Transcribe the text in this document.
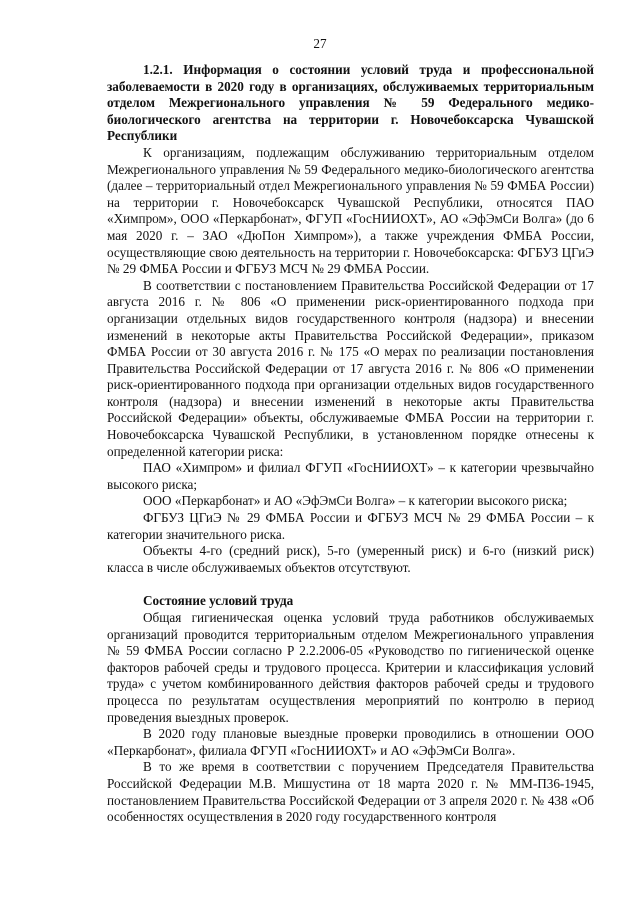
27

1.2.1. Информация о состоянии условий труда и профессиональной заболеваемости в 2020 году в организациях, обслуживаемых территориальным отделом Межрегионального управления № 59 Федерального медико-биологического агентства на территории г. Новочебоксарска Чувашской Республики

К организациям, подлежащим обслуживанию территориальным отделом Межрегионального управления № 59 Федерального медико-биологического агентства (далее – территориальный отдел Межрегионального управления № 59 ФМБА России) на территории г. Новочебоксарск Чувашской Республики, относятся ПАО «Химпром», ООО «Перкарбонат», ФГУП «ГосНИИОХТ», АО «ЭфЭмСи Волга» (до 6 мая 2020 г. – ЗАО «ДюПон Химпром»), а также учреждения ФМБА России, осуществляющие свою деятельность на территории г. Новочебоксарска: ФГБУЗ ЦГиЭ № 29 ФМБА России и ФГБУЗ МСЧ № 29 ФМБА России.

В соответствии с постановлением Правительства Российской Федерации от 17 августа 2016 г. № 806 «О применении риск-ориентированного подхода при организации отдельных видов государственного контроля (надзора) и внесении изменений в некоторые акты Правительства Российской Федерации», приказом ФМБА России от 30 августа 2016 г. № 175 «О мерах по реализации постановления Правительства Российской Федерации от 17 августа 2016 г. № 806 «О применении риск-ориентированного подхода при организации отдельных видов государственного контроля (надзора) и внесении изменений в некоторые акты Правительства Российской Федерации» объекты, обслуживаемые ФМБА России на территории г. Новочебоксарска Чувашской Республики, в установленном порядке отнесены к определенной категории риска:

ПАО «Химпром» и филиал ФГУП «ГосНИИОХТ» – к категории чрезвычайно высокого риска;

ООО «Перкарбонат» и АО «ЭфЭмСи Волга» – к категории высокого риска;

ФГБУЗ ЦГиЭ № 29 ФМБА России и ФГБУЗ МСЧ № 29 ФМБА России – к категории значительного риска.

Объекты 4-го (средний риск), 5-го (умеренный риск) и 6-го (низкий риск) класса в числе обслуживаемых объектов отсутствуют.

Состояние условий труда

Общая гигиеническая оценка условий труда работников обслуживаемых организаций проводится территориальным отделом Межрегионального управления № 59 ФМБА России согласно Р 2.2.2006-05 «Руководство по гигиенической оценке факторов рабочей среды и трудового процесса. Критерии и классификация условий труда» с учетом комбинированного действия факторов рабочей среды и трудового процесса по результатам осуществления мероприятий по контролю в период проведения выездных проверок.

В 2020 году плановые выездные проверки проводились в отношении ООО «Перкарбонат», филиала ФГУП «ГосНИИОХТ» и АО «ЭфЭмСи Волга».

В то же время в соответствии с поручением Председателя Правительства Российской Федерации М.В. Мишустина от 18 марта 2020 г. № ММ-П36-1945, постановлением Правительства Российской Федерации от 3 апреля 2020 г. № 438 «Об особенностях осуществления в 2020 году государственного контроля
